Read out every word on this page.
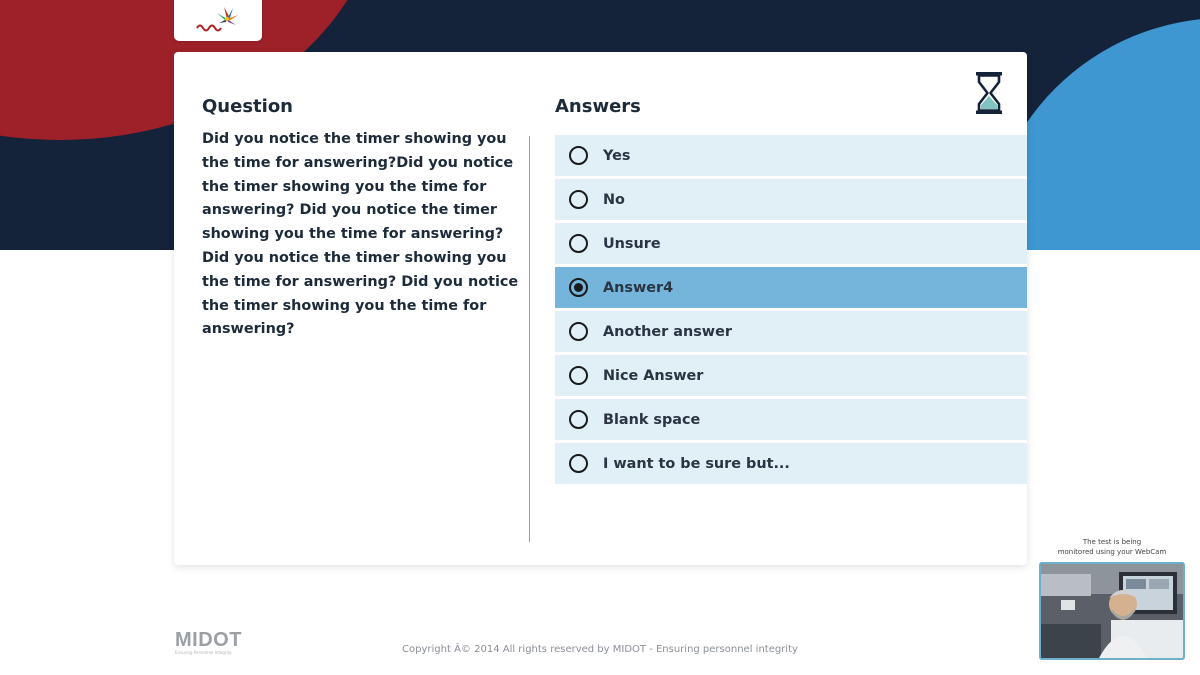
Question
Did you notice the timer showing you the time for answering?Did you notice the timer showing you the time for answering? Did you notice the timer showing you the time for answering?Did you notice the timer showing you the time for answering? Did you notice the timer showing you the time for answering?
Answers
Yes
No
Unsure
Answer4
Another answer
Nice Answer
Blank space
I want to be sure but...
The test is being
monitored using your WebCam
MIDOT
Ensuring Personnel Integrity	Copyright Â© 2014 All rights reserved by MIDOT - Ensuring personnel integrity
